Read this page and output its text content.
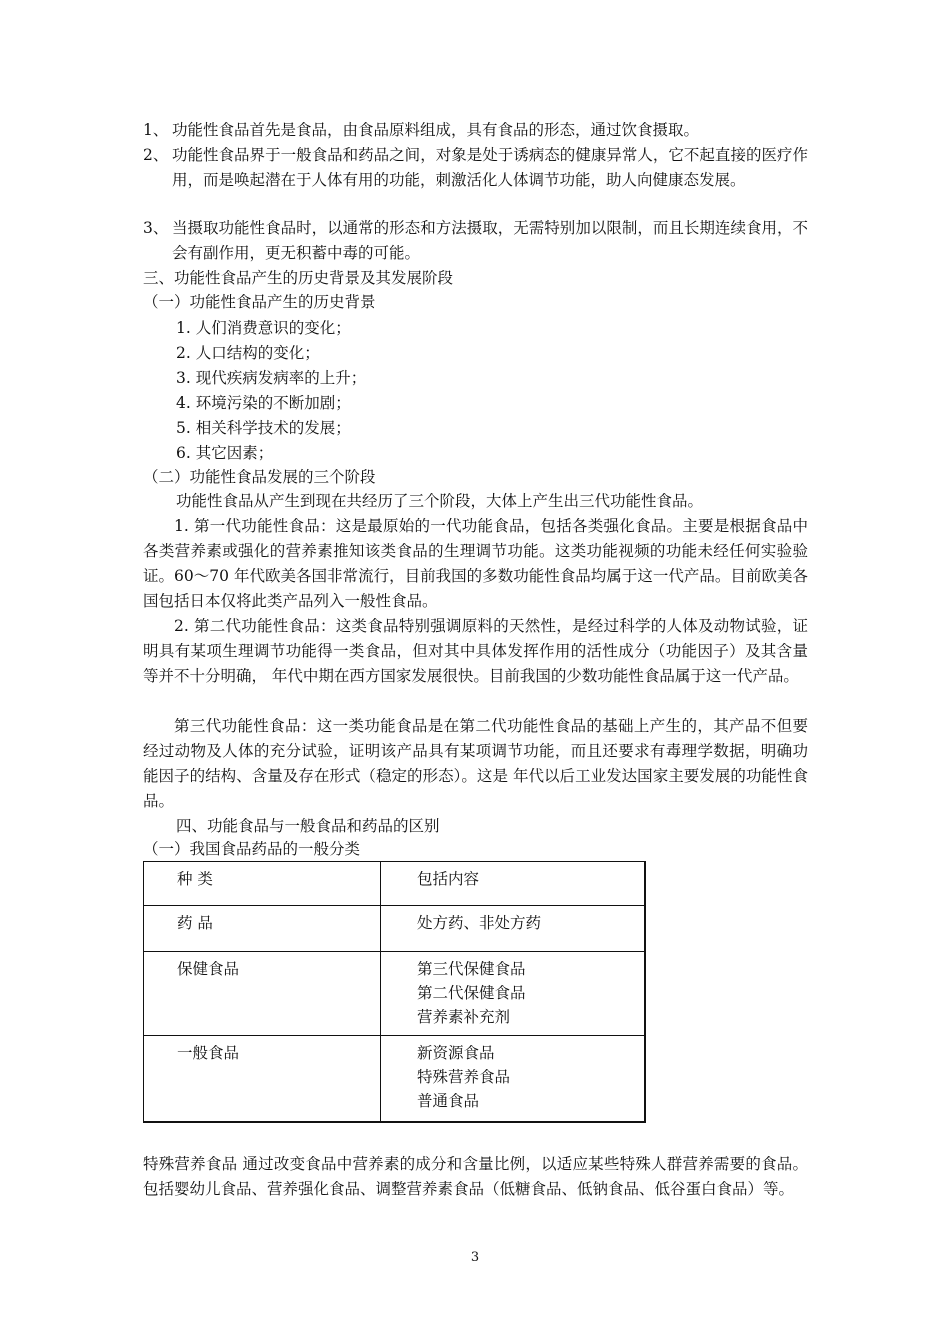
1、 功能性食品首先是食品，由食品原料组成，具有食品的形态，通过饮食摄取。
2、 功能性食品界于一般食品和药品之间，对象是处于诱病态的健康异常人，它不起直接的医疗作用，而是唤起潜在于人体有用的功能，刺激活化人体调节功能，助人向健康态发展。
3、 当摄取功能性食品时，以通常的形态和方法摄取，无需特别加以限制，而且长期连续食用，不会有副作用，更无积蓄中毒的可能。
三、功能性食品产生的历史背景及其发展阶段
（一）功能性食品产生的历史背景
1. 人们消费意识的变化；
2. 人口结构的变化；
3. 现代疾病发病率的上升；
4. 环境污染的不断加剧；
5. 相关科学技术的发展；
6. 其它因素；
（二）功能性食品发展的三个阶段
功能性食品从产生到现在共经历了三个阶段，大体上产生出三代功能性食品。
1. 第一代功能性食品：这是最原始的一代功能食品，包括各类强化食品。主要是根据食品中各类营养素或强化的营养素推知该类食品的生理调节功能。这类功能视频的功能未经任何实验验证。60～70 年代欧美各国非常流行，目前我国的多数功能性食品均属于这一代产品。目前欧美各国包括日本仅将此类产品列入一般性食品。
2. 第二代功能性食品：这类食品特别强调原料的天然性，是经过科学的人体及动物试验，证明具有某项生理调节功能得一类食品，但对其中具体发挥作用的活性成分（功能因子）及其含量等并不十分明确， 年代中期在西方国家发展很快。目前我国的少数功能性食品属于这一代产品。
第三代功能性食品：这一类功能食品是在第二代功能性食品的基础上产生的，其产品不但要经过动物及人体的充分试验，证明该产品具有某项调节功能，而且还要求有毒理学数据，明确功能因子的结构、含量及存在形式（稳定的形态）。这是 年代以后工业发达国家主要发展的功能性食品。
四、功能食品与一般食品和药品的区别
（一）我国食品药品的一般分类
种 类	包括内容
药 品	处方药、非处方药

保健食品	第三代保健食品
第二代保健食品
营养素补充剂

一般食品	新资源食品
特殊营养食品
普通食品
特殊营养食品 通过改变食品中营养素的成分和含量比例，以适应某些特殊人群营养需要的食品。包括婴幼儿食品、营养强化食品、调整营养素食品（低糖食品、低钠食品、低谷蛋白食品）等。
3
